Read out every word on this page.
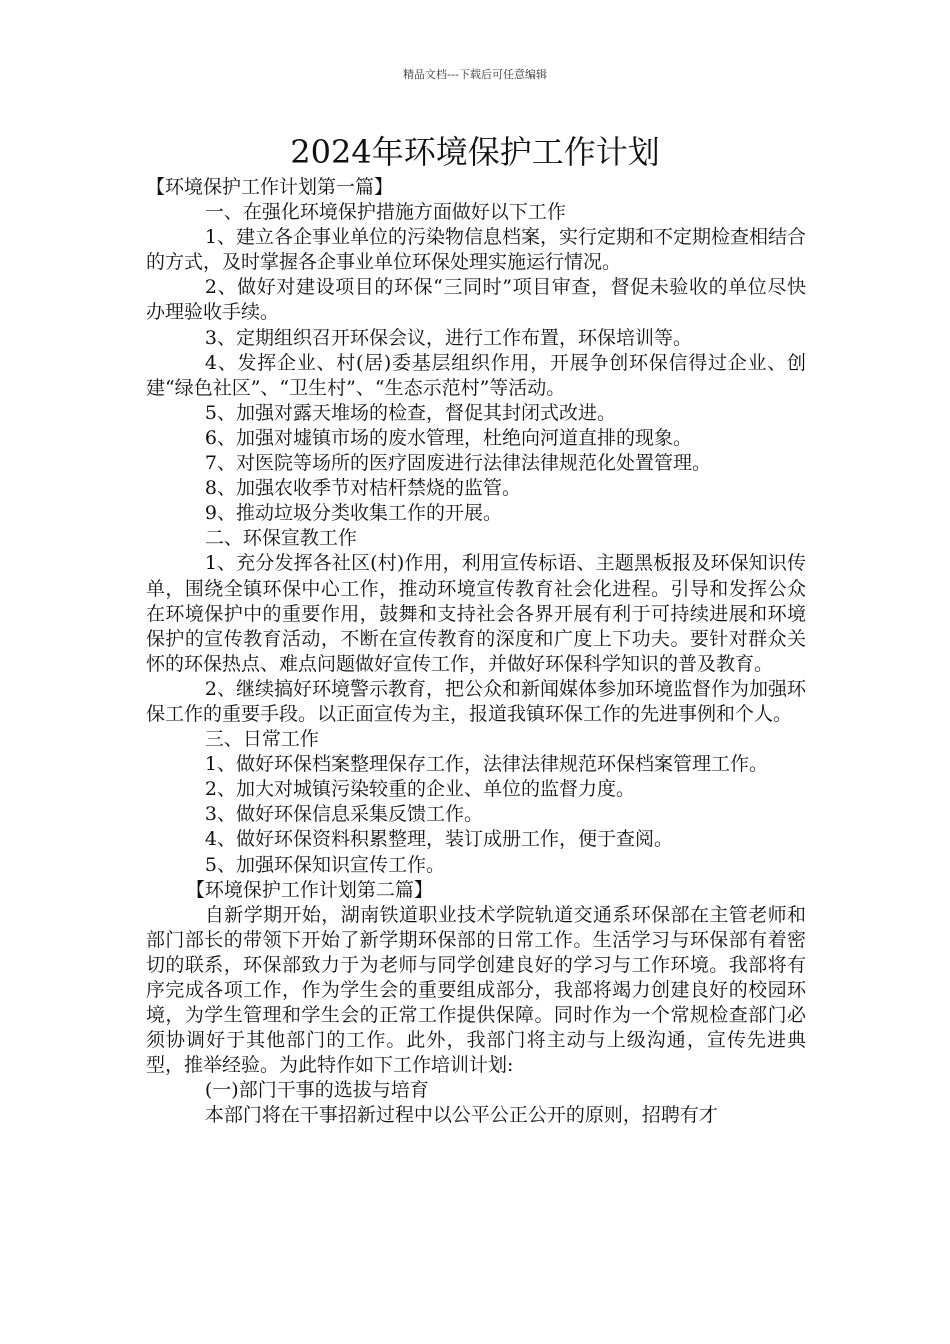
精品文档---下载后可任意编辑
2024年环境保护工作计划

【环境保护工作计划第一篇】

一、在强化环境保护措施方面做好以下工作

1、建立各企事业单位的污染物信息档案，实行定期和不定期检查相结合的方式，及时掌握各企事业单位环保处理实施运行情况。

2、做好对建设项目的环保“三同时”项目审查，督促未验收的单位尽快办理验收手续。

3、定期组织召开环保会议，进行工作布置，环保培训等。

4、发挥企业、村(居)委基层组织作用，开展争创环保信得过企业、创建“绿色社区”、“卫生村”、“生态示范村”等活动。

5、加强对露天堆场的检查，督促其封闭式改进。

6、加强对墟镇市场的废水管理，杜绝向河道直排的现象。

7、对医院等场所的医疗固废进行法律法律规范化处置管理。

8、加强农收季节对桔杆禁烧的监管。

9、推动垃圾分类收集工作的开展。

二、环保宣教工作

1、充分发挥各社区(村)作用，利用宣传标语、主题黑板报及环保知识传单，围绕全镇环保中心工作，推动环境宣传教育社会化进程。引导和发挥公众在环境保护中的重要作用，鼓舞和支持社会各界开展有利于可持续进展和环境保护的宣传教育活动，不断在宣传教育的深度和广度上下功夫。要针对群众关怀的环保热点、难点问题做好宣传工作，并做好环保科学知识的普及教育。

2、继续搞好环境警示教育，把公众和新闻媒体参加环境监督作为加强环保工作的重要手段。以正面宣传为主，报道我镇环保工作的先进事例和个人。

三、日常工作

1、做好环保档案整理保存工作，法律法律规范环保档案管理工作。

2、加大对城镇污染较重的企业、单位的监督力度。

3、做好环保信息采集反馈工作。

4、做好环保资料积累整理，装订成册工作，便于查阅。

5、加强环保知识宣传工作。

【环境保护工作计划第二篇】

自新学期开始，湖南铁道职业技术学院轨道交通系环保部在主管老师和部门部长的带领下开始了新学期环保部的日常工作。生活学习与环保部有着密切的联系，环保部致力于为老师与同学创建良好的学习与工作环境。我部将有序完成各项工作，作为学生会的重要组成部分，我部将竭力创建良好的校园环境，为学生管理和学生会的正常工作提供保障。同时作为一个常规检查部门必须协调好于其他部门的工作。此外，我部门将主动与上级沟通，宣传先进典型，推举经验。为此特作如下工作培训计划:

(一)部门干事的选拔与培育

本部门将在干事招新过程中以公平公正公开的原则，招聘有才
